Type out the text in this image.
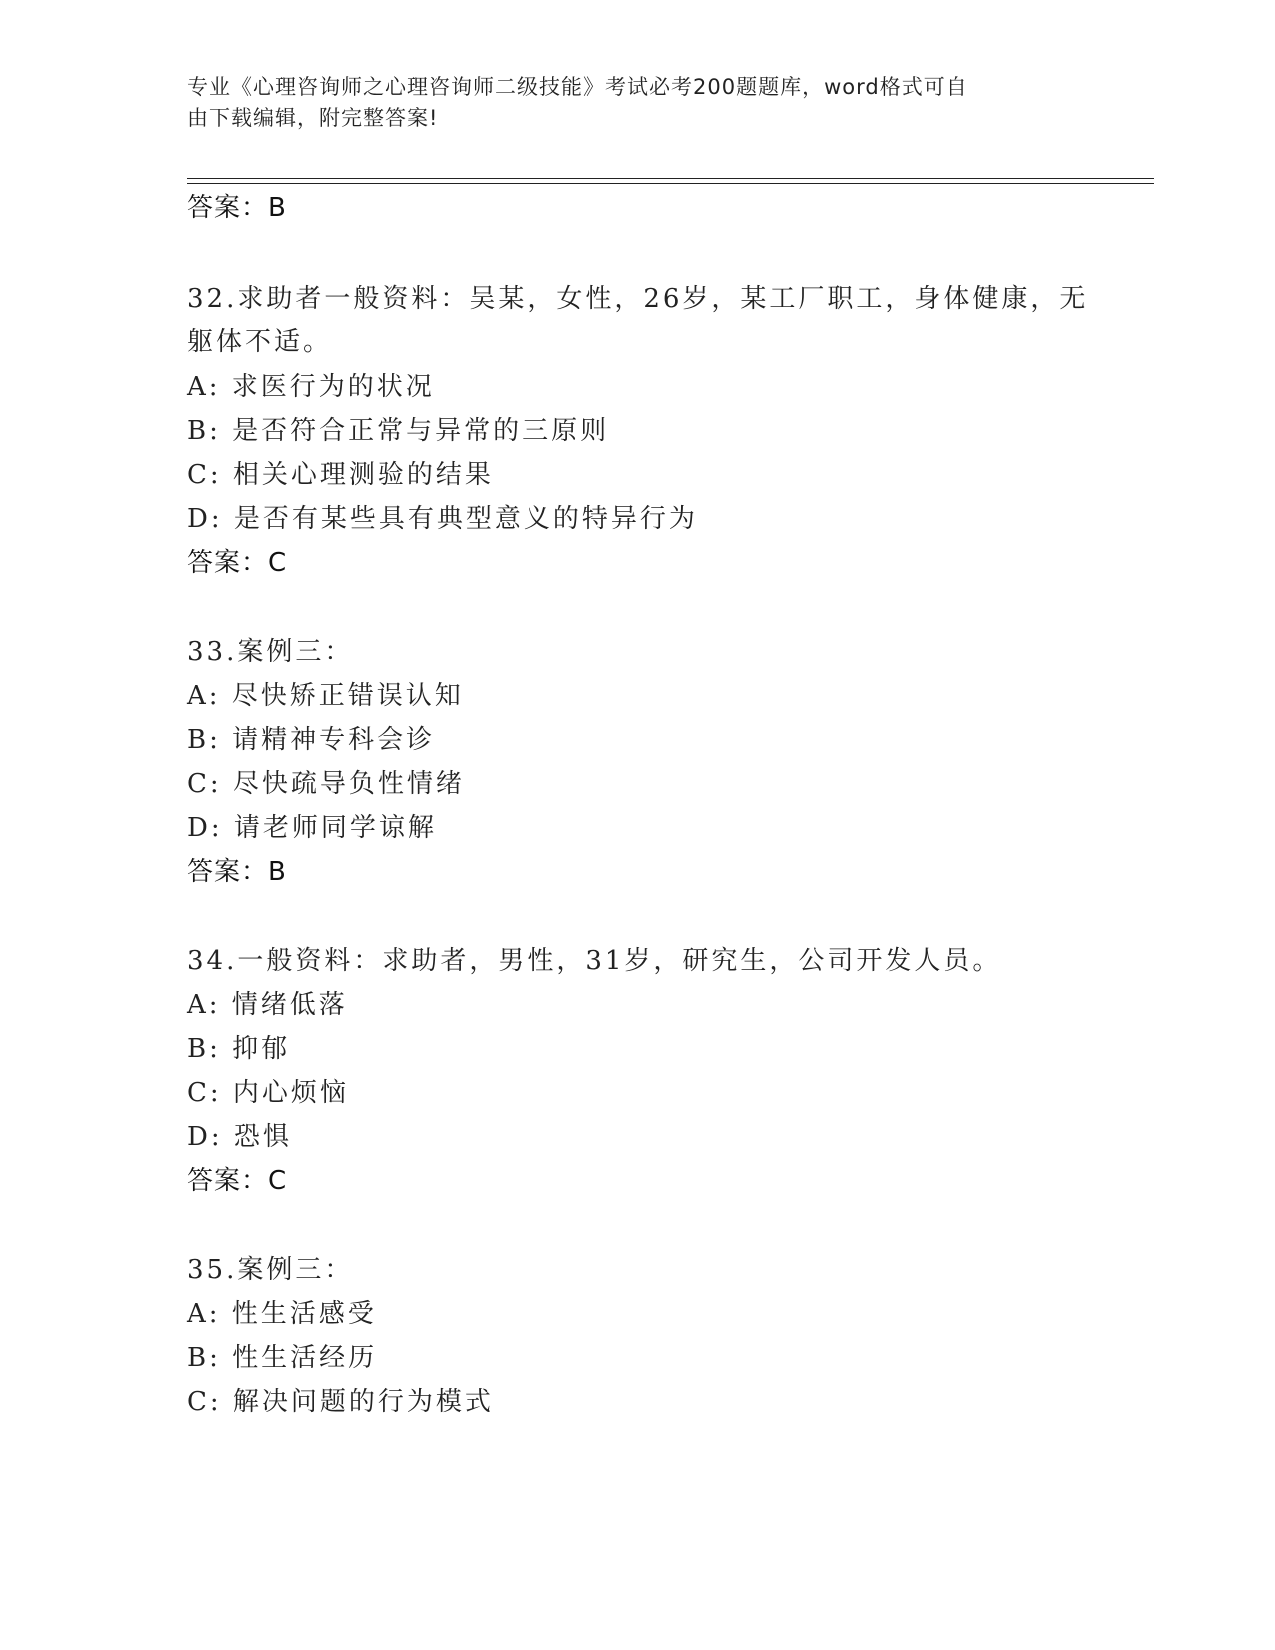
专业《心理咨询师之心理咨询师二级技能》考试必考200题题库，word格式可自
由下载编辑，附完整答案!
答案：B
32.求助者一般资料：吴某，女性，26岁，某工厂职工，身体健康，无
躯体不适。
A: 求医行为的状况
B: 是否符合正常与异常的三原则
C: 相关心理测验的结果
D: 是否有某些具有典型意义的特异行为
答案：C
33.案例三：
A: 尽快矫正错误认知
B: 请精神专科会诊
C: 尽快疏导负性情绪
D: 请老师同学谅解
答案：B
34.一般资料：求助者，男性，31岁，研究生，公司开发人员。
A: 情绪低落
B: 抑郁
C: 内心烦恼
D: 恐惧
答案：C
35.案例三：
A: 性生活感受
B: 性生活经历
C: 解决问题的行为模式
